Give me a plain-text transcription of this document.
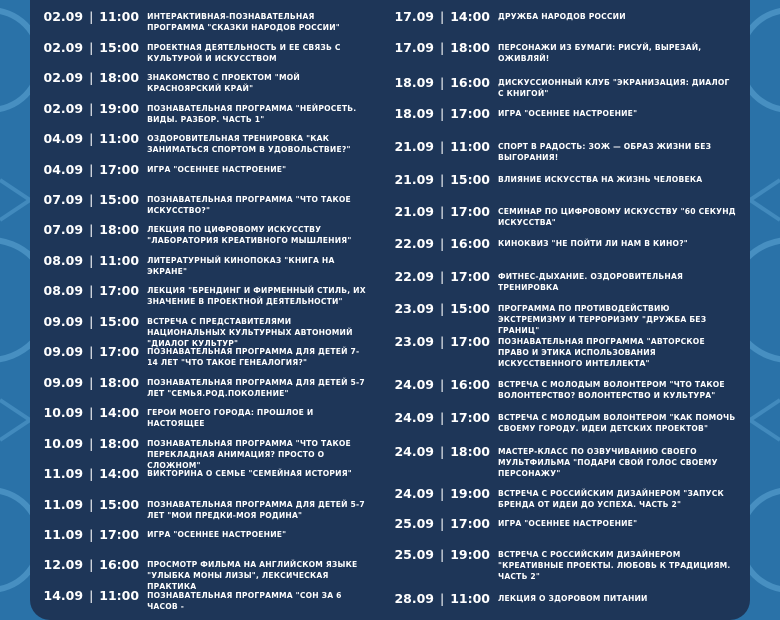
02.09 | 11:00 ИНТЕРАКТИВНАЯ-ПОЗНАВАТЕЛЬНАЯ ПРОГРАММА "СКАЗКИ НАРОДОВ РОССИИ"
02.09 | 15:00 ПРОЕКТНАЯ ДЕЯТЕЛЬНОСТЬ И ЕЕ СВЯЗЬ С КУЛЬТУРОЙ И ИСКУССТВОМ
02.09 | 18:00 ЗНАКОМСТВО С ПРОЕКТОМ "МОЙ КРАСНОЯРСКИЙ КРАЙ"
02.09 | 19:00 ПОЗНАВАТЕЛЬНАЯ ПРОГРАММА "НЕЙРОСЕТЬ. ВИДЫ. РАЗБОР. ЧАСТЬ 1"
04.09 | 11:00 ОЗДОРОВИТЕЛЬНАЯ ТРЕНИРОВКА "КАК ЗАНИМАТЬСЯ СПОРТОМ В УДОВОЛЬСТВИЕ?"
04.09 | 17:00 ИГРА "ОСЕННЕЕ НАСТРОЕНИЕ"
07.09 | 15:00 ПОЗНАВАТЕЛЬНАЯ ПРОГРАММА "ЧТО ТАКОЕ ИСКУССТВО?"
07.09 | 18:00 ЛЕКЦИЯ ПО ЦИФРОВОМУ ИСКУССТВУ "ЛАБОРАТОРИЯ КРЕАТИВНОГО МЫШЛЕНИЯ"
08.09 | 11:00 ЛИТЕРАТУРНЫЙ КИНОПОКАЗ "КНИГА НА ЭКРАНЕ"
08.09 | 17:00 ЛЕКЦИЯ "БРЕНДИНГ И ФИРМЕННЫЙ СТИЛЬ, ИХ ЗНАЧЕНИЕ В ПРОЕКТНОЙ ДЕЯТЕЛЬНОСТИ"
09.09 | 15:00 ВСТРЕЧА С ПРЕДСТАВИТЕЛЯМИ НАЦИОНАЛЬНЫХ КУЛЬТУРНЫХ АВТОНОМИЙ "ДИАЛОГ КУЛЬТУР"
09.09 | 17:00 ПОЗНАВАТЕЛЬНАЯ ПРОГРАММА ДЛЯ ДЕТЕЙ 7-14 ЛЕТ "ЧТО ТАКОЕ ГЕНЕАЛОГИЯ?"
09.09 | 18:00 ПОЗНАВАТЕЛЬНАЯ ПРОГРАММА ДЛЯ ДЕТЕЙ 5-7 ЛЕТ "СЕМЬЯ.РОД.ПОКОЛЕНИЕ"
10.09 | 14:00 ГЕРОИ МОЕГО ГОРОДА: ПРОШЛОЕ И НАСТОЯЩЕЕ
10.09 | 18:00 ПОЗНАВАТЕЛЬНАЯ ПРОГРАММА "ЧТО ТАКОЕ ПЕРЕКЛАДНАЯ АНИМАЦИЯ? ПРОСТО О СЛОЖНОМ"
11.09 | 14:00 ВИКТОРИНА О СЕМЬЕ "СЕМЕЙНАЯ ИСТОРИЯ"
11.09 | 15:00 ПОЗНАВАТЕЛЬНАЯ ПРОГРАММА ДЛЯ ДЕТЕЙ 5-7 ЛЕТ "МОИ ПРЕДКИ-МОЯ РОДИНА"
11.09 | 17:00 ИГРА "ОСЕННЕЕ НАСТРОЕНИЕ"
12.09 | 16:00 ПРОСМОТР ФИЛЬМА НА АНГЛИЙСКОМ ЯЗЫКЕ "УЛЫБКА МОНЫ ЛИЗЫ", ЛЕКСИЧЕСКАЯ ПРАКТИКА
14.09 | 11:00 ПОЗНАВАТЕЛЬНАЯ ПРОГРАММА "СОН ЗА 6 ЧАСОВ -
17.09 | 14:00 ДРУЖБА НАРОДОВ РОССИИ
17.09 | 18:00 ПЕРСОНАЖИ ИЗ БУМАГИ: РИСУЙ, ВЫРЕЗАЙ, ОЖИВЛЯЙ!
18.09 | 16:00 ДИСКУССИОННЫЙ КЛУБ "ЭКРАНИЗАЦИЯ: ДИАЛОГ С КНИГОЙ"
18.09 | 17:00 ИГРА "ОСЕННЕЕ НАСТРОЕНИЕ"
21.09 | 11:00 СПОРТ В РАДОСТЬ: ЗОЖ — ОБРАЗ ЖИЗНИ БЕЗ ВЫГОРАНИЯ!
21.09 | 15:00 ВЛИЯНИЕ ИСКУССТВА НА ЖИЗНЬ ЧЕЛОВЕКА
21.09 | 17:00 СЕМИНАР ПО ЦИФРОВОМУ ИСКУССТВУ "60 СЕКУНД ИСКУССТВА"
22.09 | 16:00 КИНОКВИЗ "НЕ ПОЙТИ ЛИ НАМ В КИНО?"
22.09 | 17:00 ФИТНЕС-ДЫХАНИЕ. ОЗДОРОВИТЕЛЬНАЯ ТРЕНИРОВКА
23.09 | 15:00 ПРОГРАММА ПО ПРОТИВОДЕЙСТВИЮ ЭКСТРЕМИЗМУ И ТЕРРОРИЗМУ "ДРУЖБА БЕЗ ГРАНИЦ"
23.09 | 17:00 ПОЗНАВАТЕЛЬНАЯ ПРОГРАММА "АВТОРСКОЕ ПРАВО И ЭТИКА ИСПОЛЬЗОВАНИЯ ИСКУССТВЕННОГО ИНТЕЛЛЕКТА"
24.09 | 16:00 ВСТРЕЧА С МОЛОДЫМ ВОЛОНТЕРОМ "ЧТО ТАКОЕ ВОЛОНТЕРСТВО? ВОЛОНТЕРСТВО И КУЛЬТУРА"
24.09 | 17:00 ВСТРЕЧА С МОЛОДЫМ ВОЛОНТЕРОМ "КАК ПОМОЧЬ СВОЕМУ ГОРОДУ. ИДЕИ ДЕТСКИХ ПРОЕКТОВ"
24.09 | 18:00 МАСТЕР-КЛАСС ПО ОЗВУЧИВАНИЮ СВОЕГО МУЛЬТФИЛЬМА "ПОДАРИ СВОЙ ГОЛОС СВОЕМУ ПЕРСОНАЖУ"
24.09 | 19:00 ВСТРЕЧА С РОССИЙСКИМ ДИЗАЙНЕРОМ "ЗАПУСК БРЕНДА ОТ ИДЕИ ДО УСПЕХА. ЧАСТЬ 2"
25.09 | 17:00 ИГРА "ОСЕННЕЕ НАСТРОЕНИЕ"
25.09 | 19:00 ВСТРЕЧА С РОССИЙСКИМ ДИЗАЙНЕРОМ "КРЕАТИВНЫЕ ПРОЕКТЫ. ЛЮБОВЬ К ТРАДИЦИЯМ. ЧАСТЬ 2"
28.09 | 11:00 ЛЕКЦИЯ О ЗДОРОВОМ ПИТАНИИ
